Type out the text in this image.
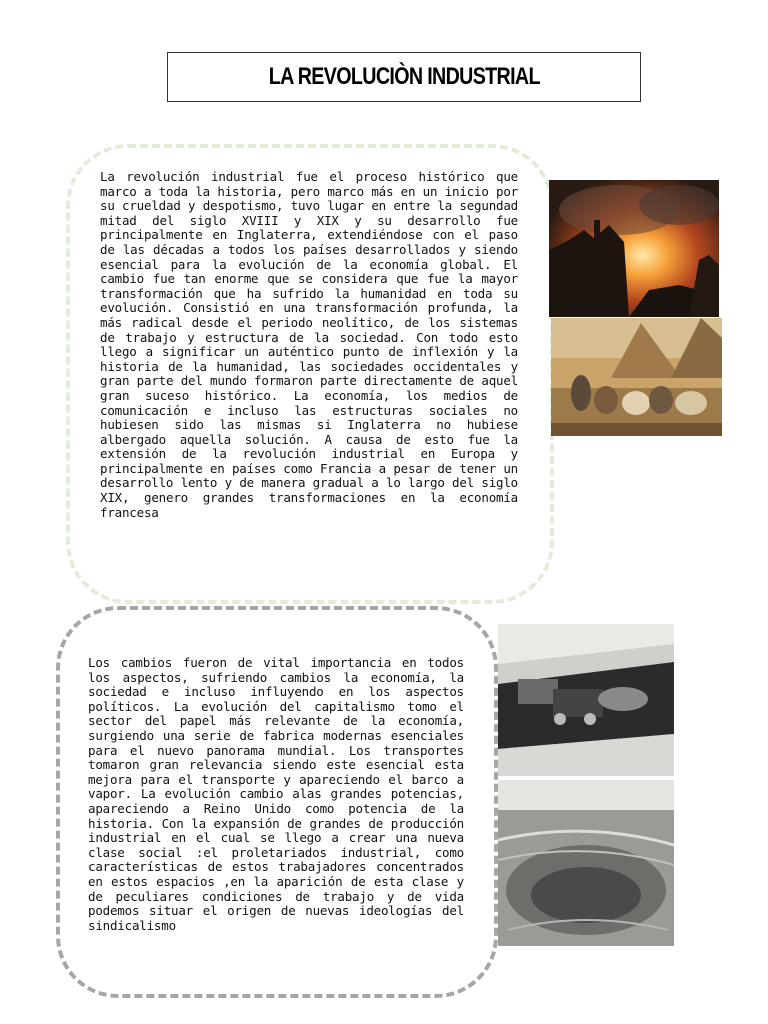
LA REVOLUCIÒN INDUSTRIAL

La revolución industrial fue el proceso histórico que marco a toda la historia, pero marco más en un inicio por su crueldad y despotismo, tuvo lugar en entre la segundad mitad del siglo XVIII y XIX y su desarrollo fue principalmente en Inglaterra, extendiéndose con el paso de las décadas a todos los países desarrollados y siendo esencial para la evolución de la economía global. El cambio fue tan enorme que se considera que fue la mayor transformación que ha sufrido la humanidad en toda su evolución. Consistió en una transformación profunda, la más radical desde el periodo neolítico, de los sistemas de trabajo y estructura de la sociedad. Con todo esto llego a significar un auténtico punto de inflexión y la historia de la humanidad, las sociedades occidentales y gran parte del mundo formaron parte directamente de aquel gran suceso histórico. La economía, los medios de comunicación e incluso las estructuras sociales no hubiesen sido las mismas si Inglaterra no hubiese albergado aquella solución. A causa de esto fue la extensión de la revolución industrial en Europa y principalmente en países como Francia a pesar de tener un desarrollo lento y de manera gradual a lo largo del siglo XIX, genero grandes transformaciones en la economía francesa

Los cambios fueron de vital importancia en todos los aspectos, sufriendo cambios la economía, la sociedad e incluso influyendo en los aspectos políticos. La evolución del capitalismo tomo el sector del papel más relevante de la economía, surgiendo una serie de fabrica modernas esenciales para el nuevo panorama mundial. Los transportes tomaron gran relevancia siendo este esencial esta mejora para el transporte y apareciendo el barco a vapor. La evolución cambio alas grandes potencias, apareciendo a Reino Unido como potencia de la historia. Con la expansión de grandes de producción industrial en el cual se llego a crear una nueva clase social :el proletariados industrial, como características de estos trabajadores concentrados en estos espacios ,en la aparición de esta clase y de peculiares condiciones de trabajo y de vida podemos situar el origen de nuevas ideologías del sindicalismo
